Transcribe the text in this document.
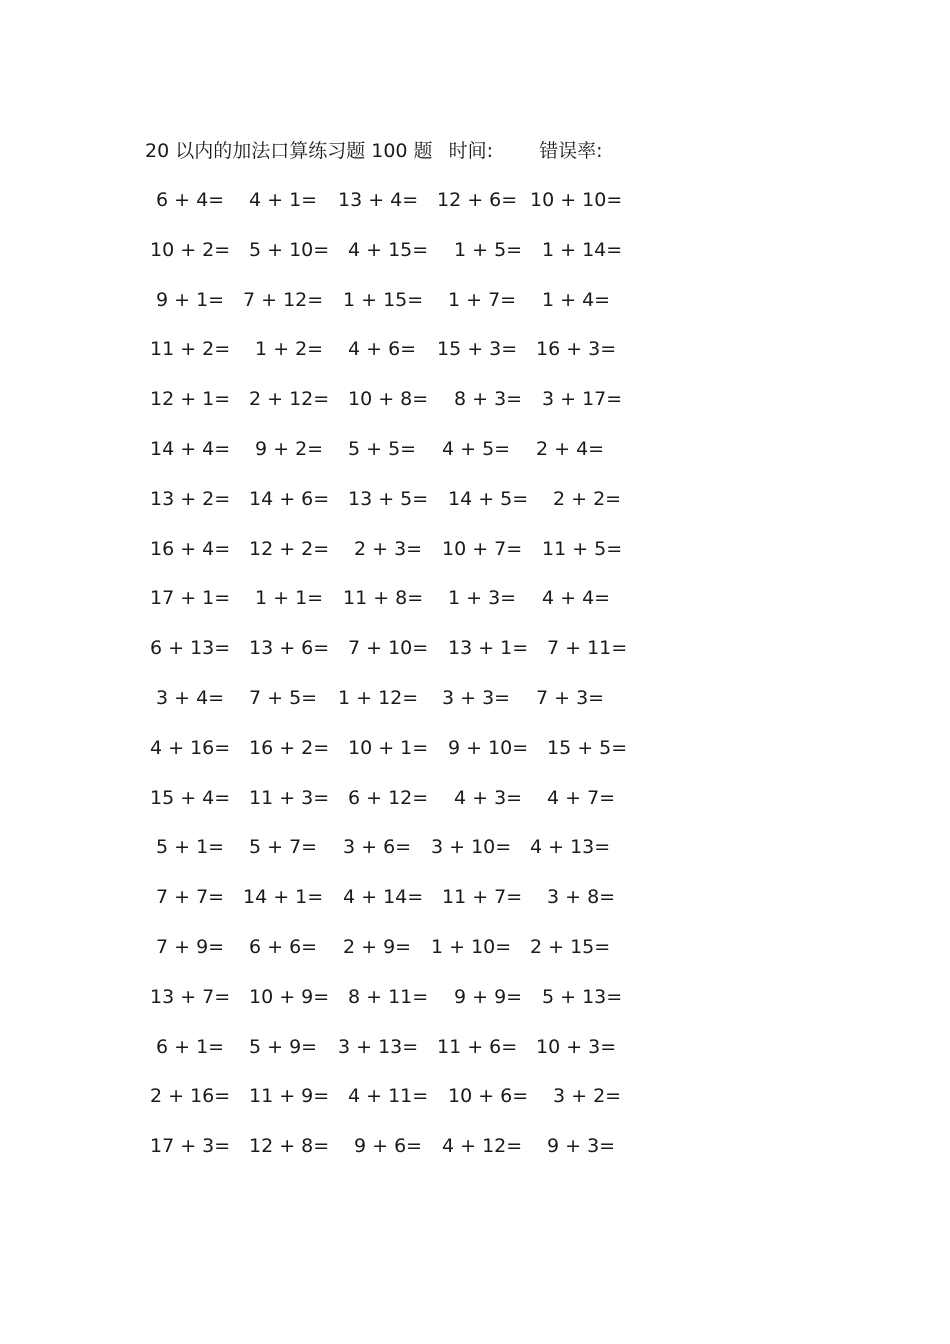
20 以内的加法口算练习题 100 题 时间: 错误率:
6 + 4= 4 + 1= 13 + 4= 12 + 6= 10 + 10=
10 + 2= 5 + 10= 4 + 15= 1 + 5= 1 + 14=
9 + 1= 7 + 12= 1 + 15= 1 + 7= 1 + 4=
11 + 2= 1 + 2= 4 + 6= 15 + 3= 16 + 3=
12 + 1= 2 + 12= 10 + 8= 8 + 3= 3 + 17=
14 + 4= 9 + 2= 5 + 5= 4 + 5= 2 + 4=
13 + 2= 14 + 6= 13 + 5= 14 + 5= 2 + 2=
16 + 4= 12 + 2= 2 + 3= 10 + 7= 11 + 5=
17 + 1= 1 + 1= 11 + 8= 1 + 3= 4 + 4=
6 + 13= 13 + 6= 7 + 10= 13 + 1= 7 + 11=
3 + 4= 7 + 5= 1 + 12= 3 + 3= 7 + 3=
4 + 16= 16 + 2= 10 + 1= 9 + 10= 15 + 5=
15 + 4= 11 + 3= 6 + 12= 4 + 3= 4 + 7=
5 + 1= 5 + 7= 3 + 6= 3 + 10= 4 + 13=
7 + 7= 14 + 1= 4 + 14= 11 + 7= 3 + 8=
7 + 9= 6 + 6= 2 + 9= 1 + 10= 2 + 15=
13 + 7= 10 + 9= 8 + 11= 9 + 9= 5 + 13=
6 + 1= 5 + 9= 3 + 13= 11 + 6= 10 + 3=
2 + 16= 11 + 9= 4 + 11= 10 + 6= 3 + 2=
17 + 3= 12 + 8= 9 + 6= 4 + 12= 9 + 3=
